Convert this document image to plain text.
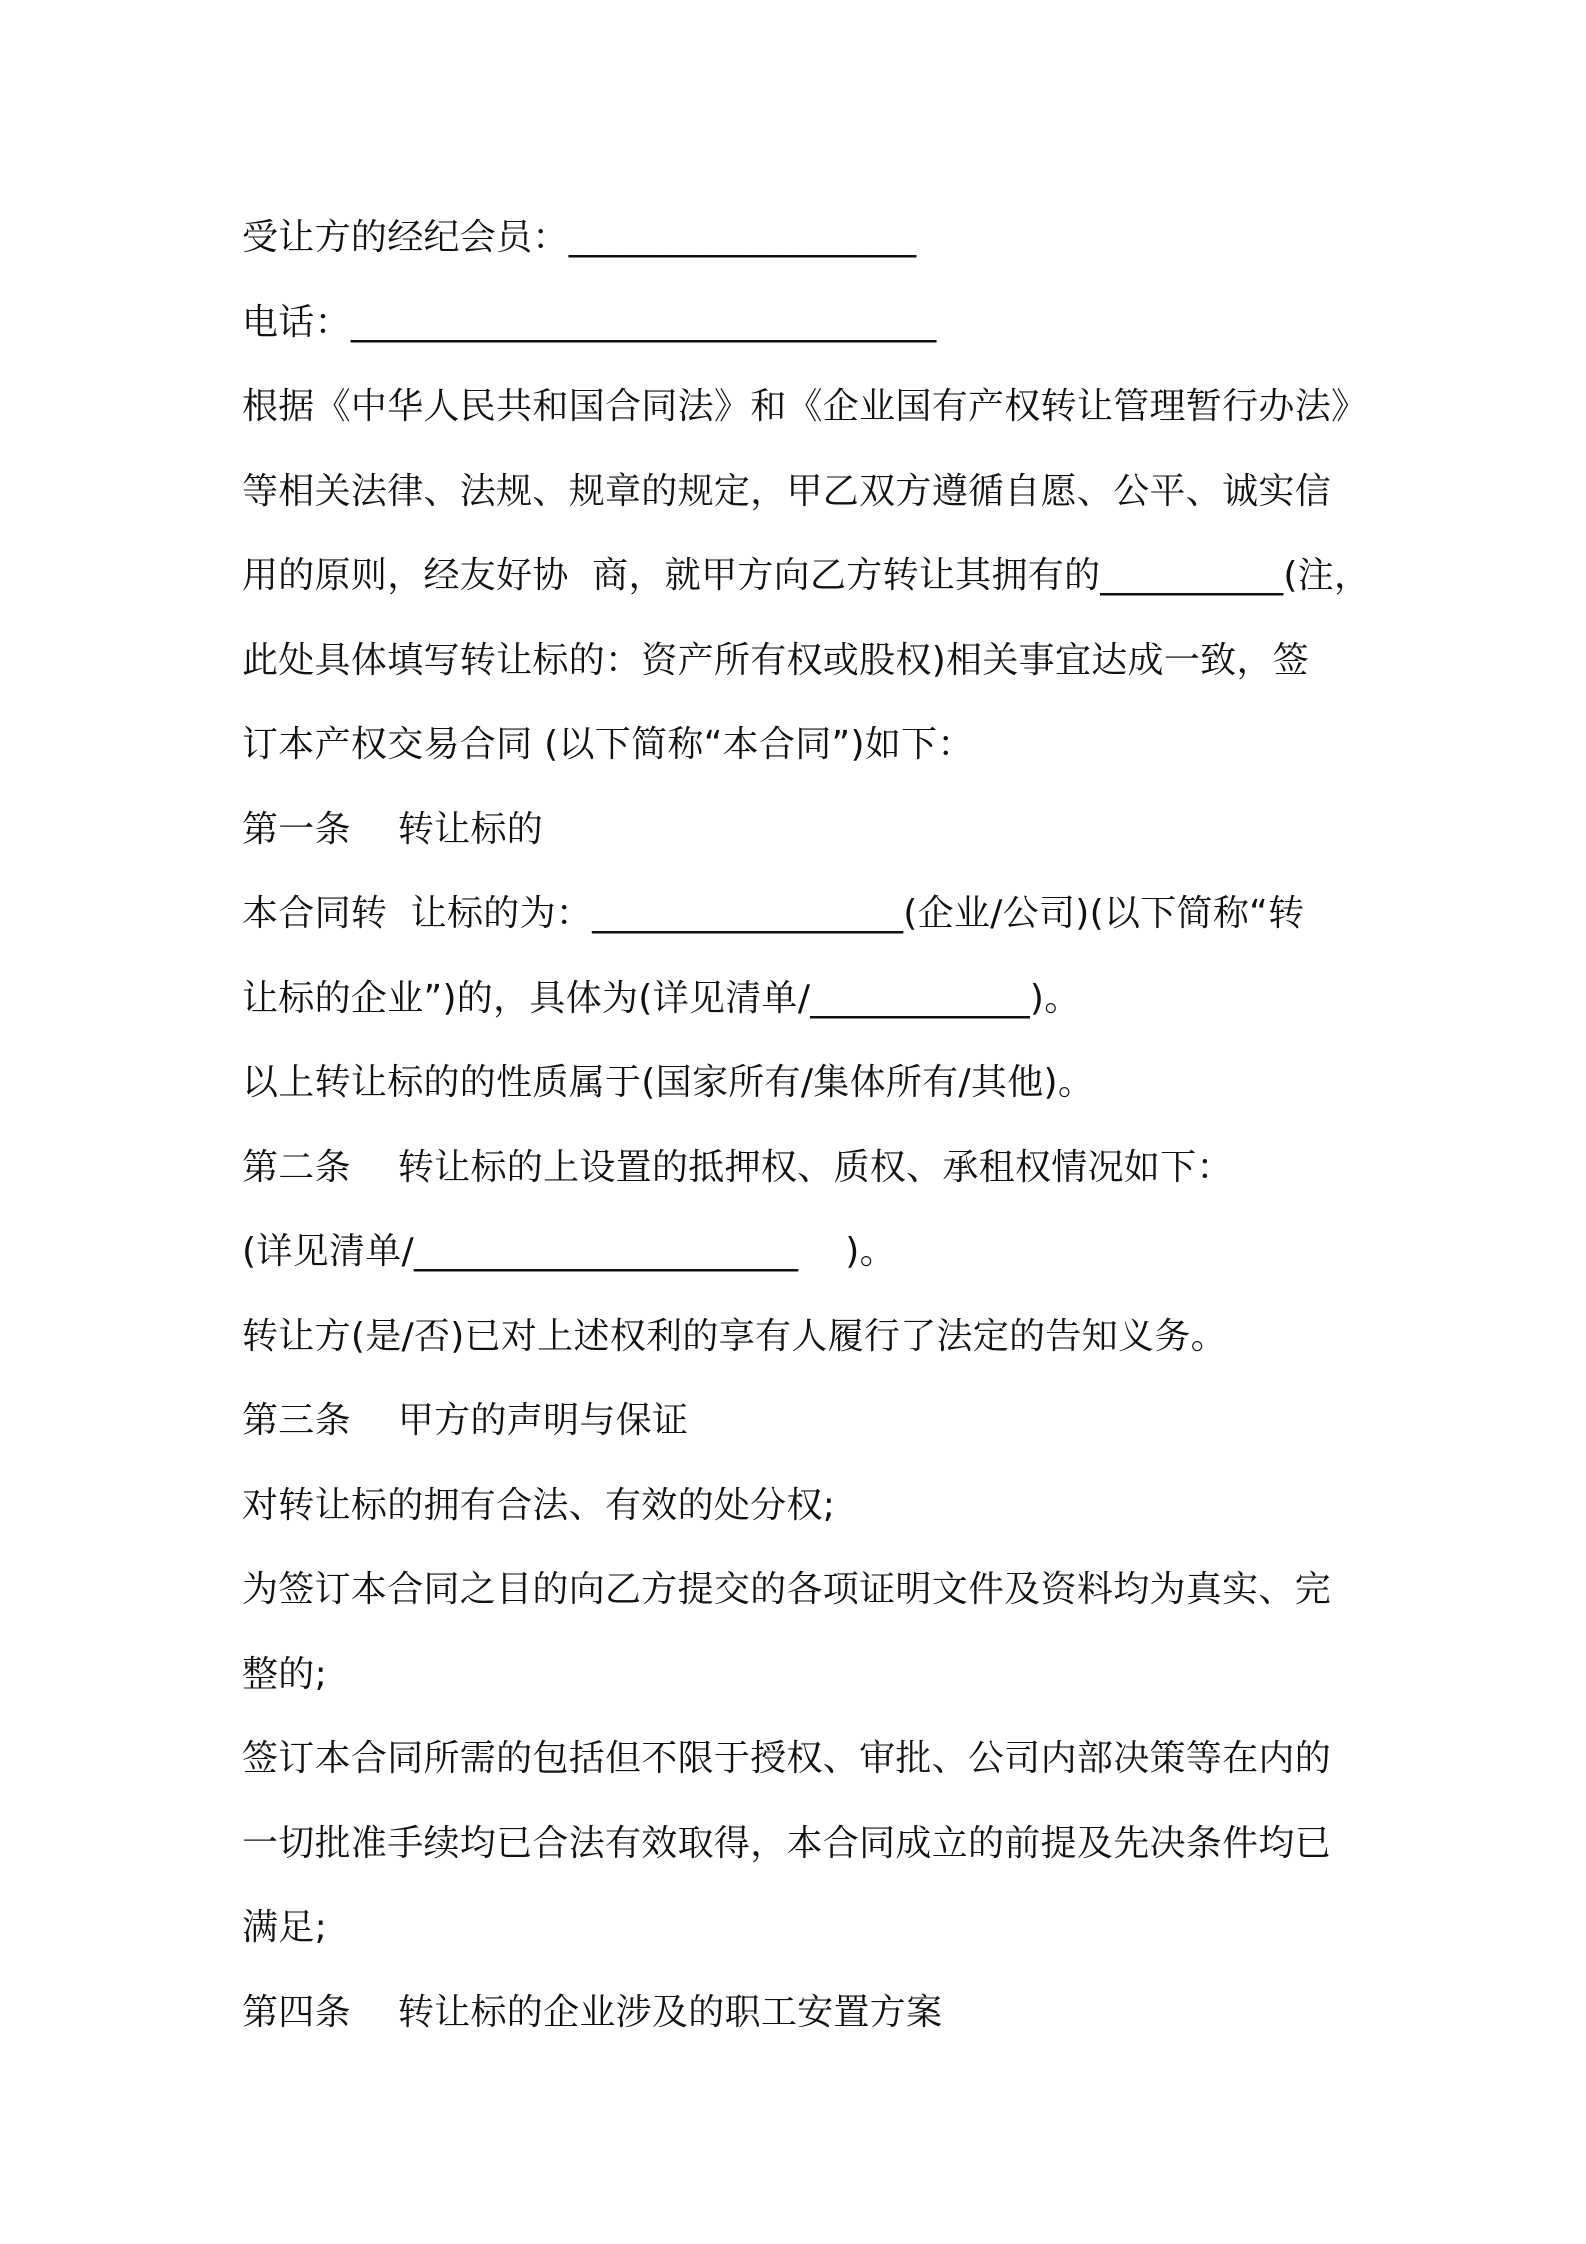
受让方的经纪会员：___________________
电话：________________________________
根据《中华人民共和国合同法》和《企业国有产权转让管理暂行办法》
等相关法律、法规、规章的规定，甲乙双方遵循自愿、公平、诚实信
用的原则，经友好协  商，就甲方向乙方转让其拥有的__________(注，
此处具体填写转让标的：资产所有权或股权)相关事宜达成一致，签
订本产权交易合同 (以下简称“本合同”)如下：
第一条    转让标的
本合同转  让标的为：_________________(企业/公司)(以下简称“转
让标的企业”)的，具体为(详见清单/____________)。
以上转让标的的性质属于(国家所有/集体所有/其他)。
第二条    转让标的上设置的抵押权、质权、承租权情况如下：
(详见清单/_____________________    )。
转让方(是/否)已对上述权利的享有人履行了法定的告知义务。
第三条    甲方的声明与保证
对转让标的拥有合法、有效的处分权;
为签订本合同之目的向乙方提交的各项证明文件及资料均为真实、完
整的;
签订本合同所需的包括但不限于授权、审批、公司内部决策等在内的
一切批准手续均已合法有效取得，本合同成立的前提及先决条件均已
满足;
第四条    转让标的企业涉及的职工安置方案
